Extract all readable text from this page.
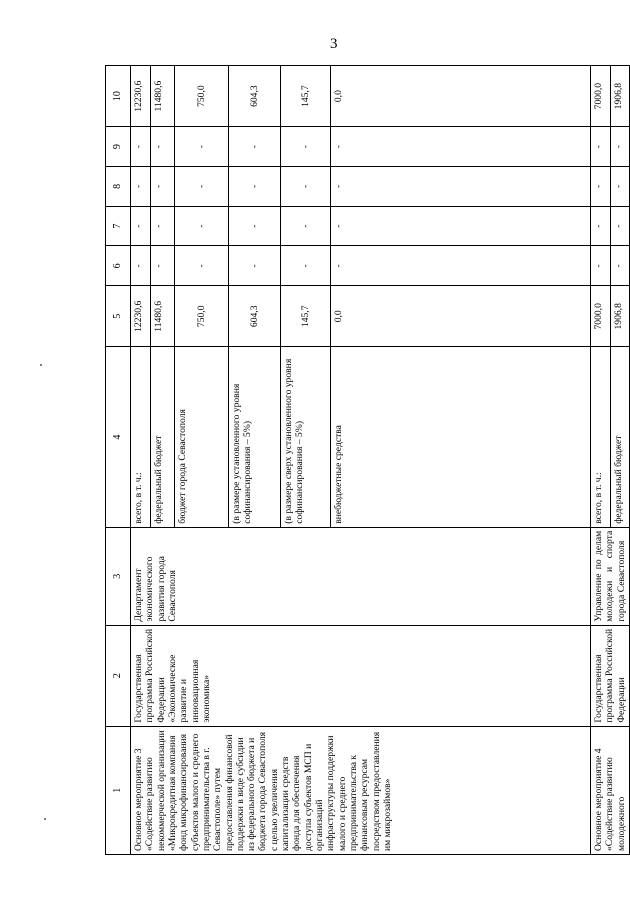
3
1	2	3	4	5	6	7	8	9	10
Основное мероприятие 3 «Содействие развитию некоммерческой организации «Микрокредитная компания фонд микрофинансирования субъектов малого и среднего предпринимательства в г. Севастополе» путем предоставления финансовой поддержки в виде субсидии из федерального бюджета и бюджета города Севастополя с целью увеличения капитализации средств фонда для обеспечения доступа субъектов МСП и организаций инфраструктуры поддержки малого и среднего предпринимательства к финансовым ресурсам посредством предоставления им микрозаймов»	Государственная программа Российской Федерации «Экономическое развитие и инновационная экономика»	Департамент экономического развития города Севастополя	всего, в т. ч.:	12230,6	-	-	-	-	12230,6
			федеральный бюджет	11480,6	-	-	-	-	11480,6
			бюджет города Севастополя	750,0	-	-	-	-	750,0
			(в размере установленного уровня софинансирования – 5%)	604,3	-	-	-	-	604,3
			(в размере сверх установленного уровня софинансирования – 5%)	145,7	-	-	-	-	145,7
			внебюджетные средства	0,0	-	-	-	-	0,0
Основное мероприятие 4 «Содействие развитию молодежного	Государственная программа Российской Федерации	Управление по делам молодежи и спорта города Севастополя	всего, в т. ч.:	7000,0	-	-	-	-	7000,0
			федеральный бюджет	1906,8	-	-	-	-	1906,8
